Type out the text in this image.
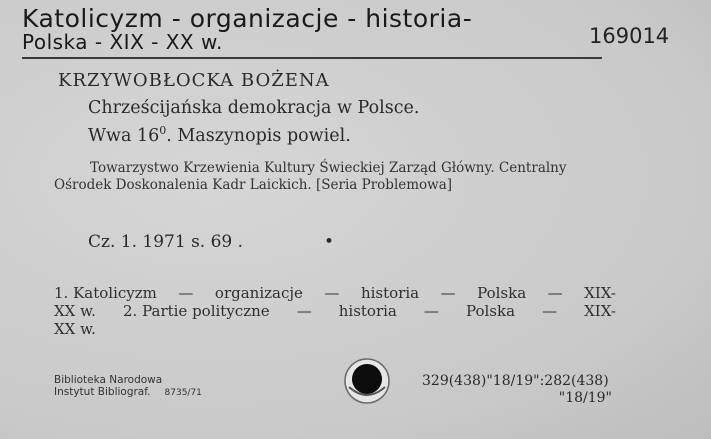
Katolicyzm - organizacje - historia-
Polska - XIX - XX w.	169014
KRZYWOBŁOCKA BOŻENA
Chrześcijańska demokracja w Polsce.
Wwa $16^0$. Maszynopis powiel.
Towarzystwo Krzewienia Kultury Świeckiej Zarząd Główny. Centralny Ośrodek Doskonalenia Kadr Laickich. [Seria Problemowa]
Cz. 1. 1971 s. 69 .	•
1. Katolicyzm — organizacje — historia — Polska — XIX-
XX w. 2. Partie polityczne — historia — Polska — XIX-
XX w.
Biblioteka Narodowa
Instytut Bibliograf. 8735/71
329(438)"18/19":282(438)
"18/19"
